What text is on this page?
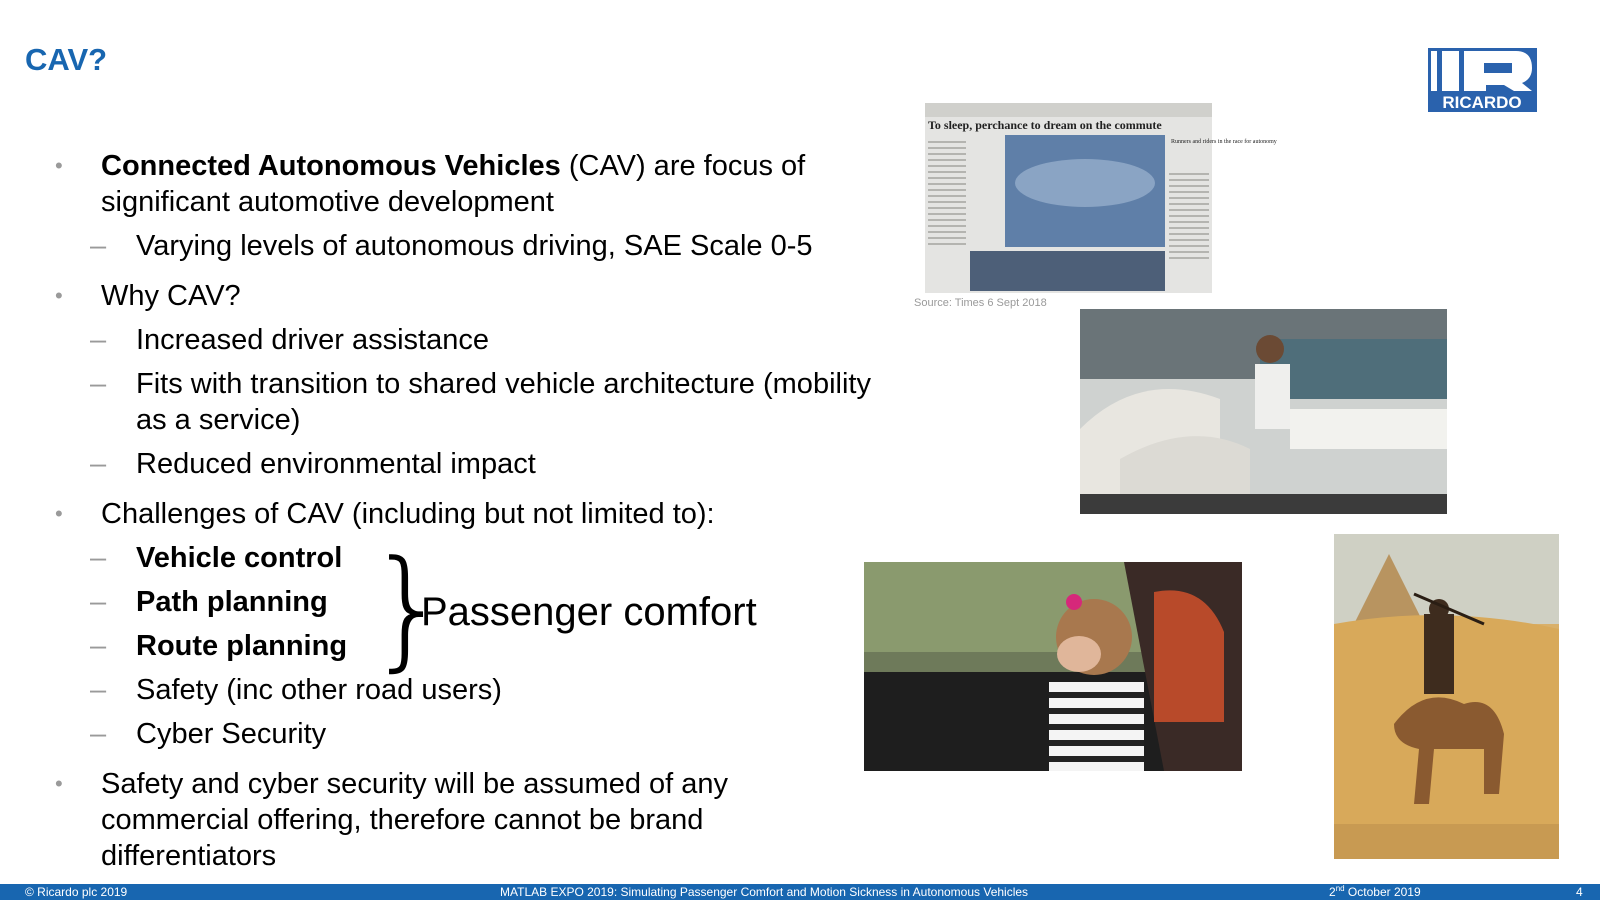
CAV?
RICARDO
• Connected Autonomous Vehicles (CAV) are focus of significant automotive development
– Varying levels of autonomous driving, SAE Scale 0-5
• Why CAV?
– Increased driver assistance
– Fits with transition to shared vehicle architecture (mobility as a service)
– Reduced environmental impact
• Challenges of CAV (including but not limited to):
– Vehicle control
– Path planning
– Route planning
– Safety (inc other road users)
– Cyber Security
• Safety and cyber security will be assumed of any commercial offering, therefore cannot be brand differentiators
}
Passenger comfort
To sleep, perchance to dream on the commute
Runners and riders in the race for autonomy
Source: Times 6 Sept 2018
© Ricardo plc 2019	MATLAB EXPO 2019: Simulating Passenger Comfort and Motion Sickness in Autonomous Vehicles	2nd October 2019	4
